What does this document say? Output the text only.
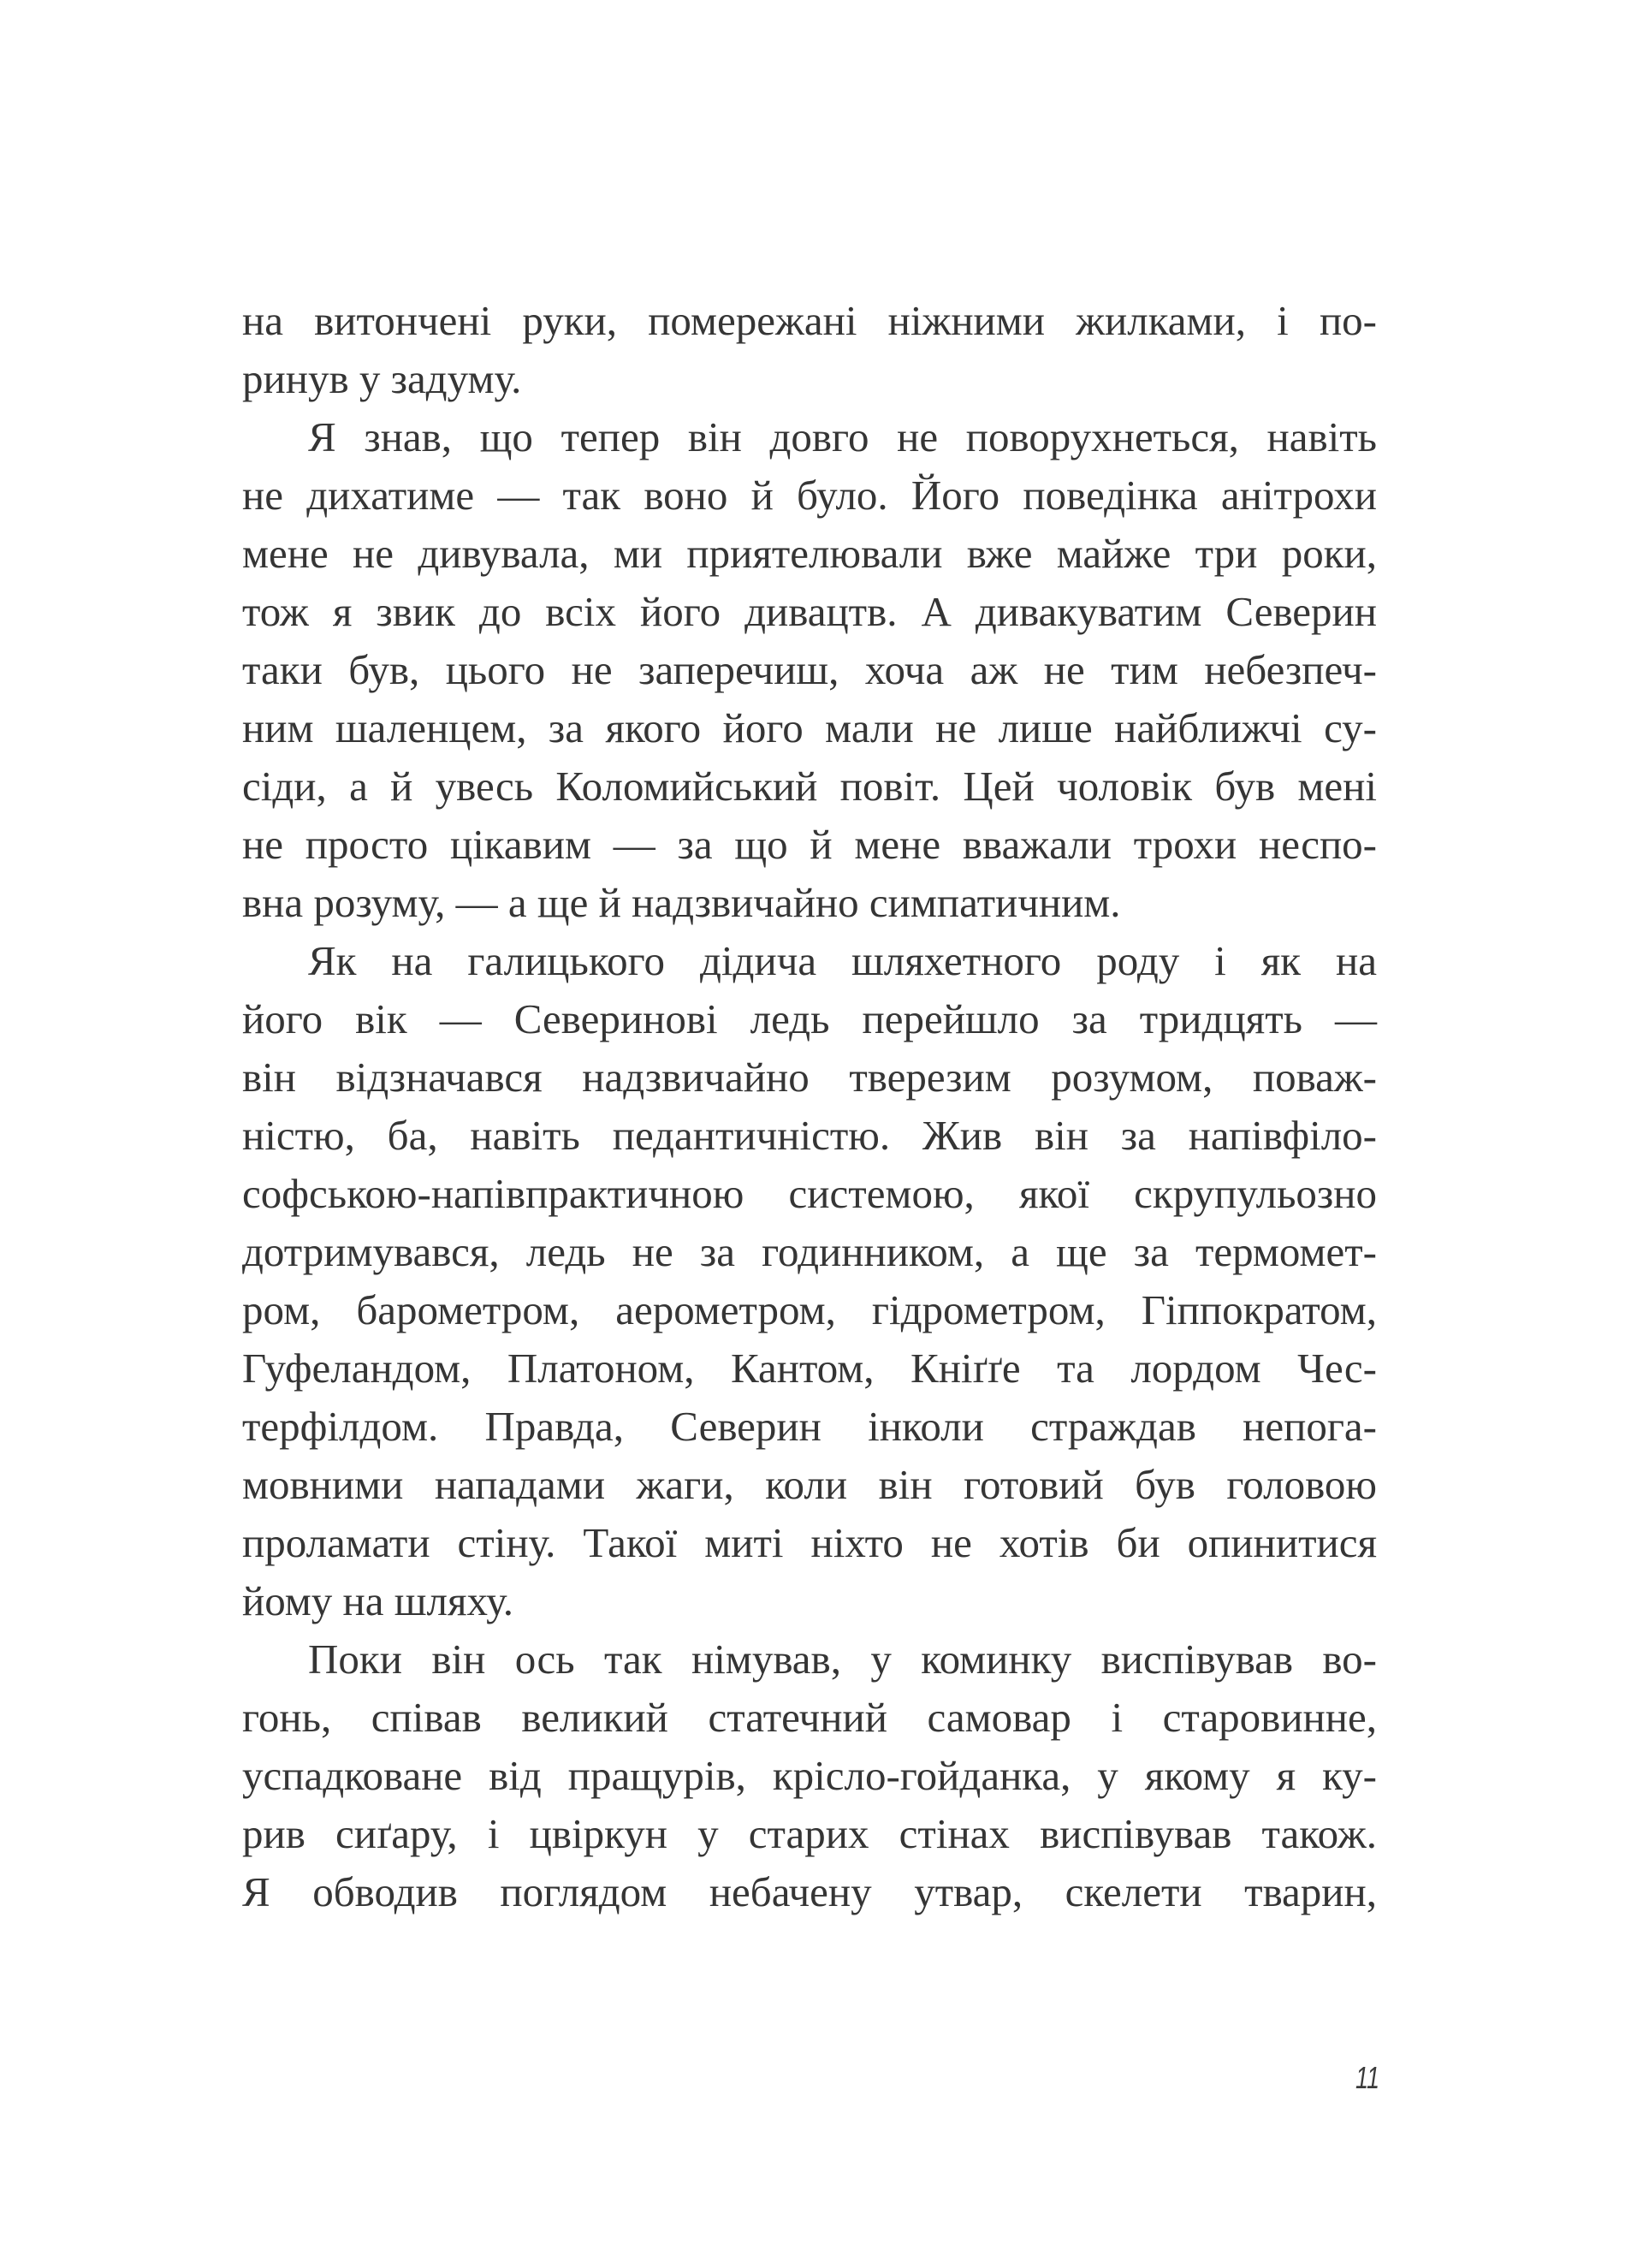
на витончені руки, помережані ніжними жилками, і по-
ринув у задуму.
Я знав, що тепер він довго не поворухнеться, навіть
не дихатиме — так воно й було. Його поведінка анітрохи
мене не дивувала, ми приятелювали вже майже три роки,
тож я звик до всіх його дивацтв. А дивакуватим Северин
таки був, цього не заперечиш, хоча аж не тим небезпеч-
ним шаленцем, за якого його мали не лише найближчі су-
сіди, а й увесь Коломийський повіт. Цей чоловік був мені
не просто цікавим — за що й мене вважали трохи неспо-
вна розуму, — а ще й надзвичайно симпатичним.
Як на галицького дідича шляхетного роду і як на
його вік — Северинові ледь перейшло за тридцять —
він відзначався надзвичайно тверезим розумом, поваж-
ністю, ба, навіть педантичністю. Жив він за напівфіло-
софською-напівпрактичною системою, якої скрупульозно
дотримувався, ледь не за годинником, а ще за термомет-
ром, барометром, аерометром, гідрометром, Гіппократом,
Гуфеландом, Платоном, Кантом, Кніґґе та лордом Чес-
терфілдом. Правда, Северин інколи страждав непога-
мовними нападами жаги, коли він готовий був головою
проламати стіну. Такої миті ніхто не хотів би опинитися
йому на шляху.
Поки він ось так німував, у коминку виспівував во-
гонь, співав великий статечний самовар і старовинне,
успадковане від пращурів, крісло-гойданка, у якому я ку-
рив сиґару, і цвіркун у старих стінах виспівував також.
Я обводив поглядом небачену утвар, скелети тварин,
11
